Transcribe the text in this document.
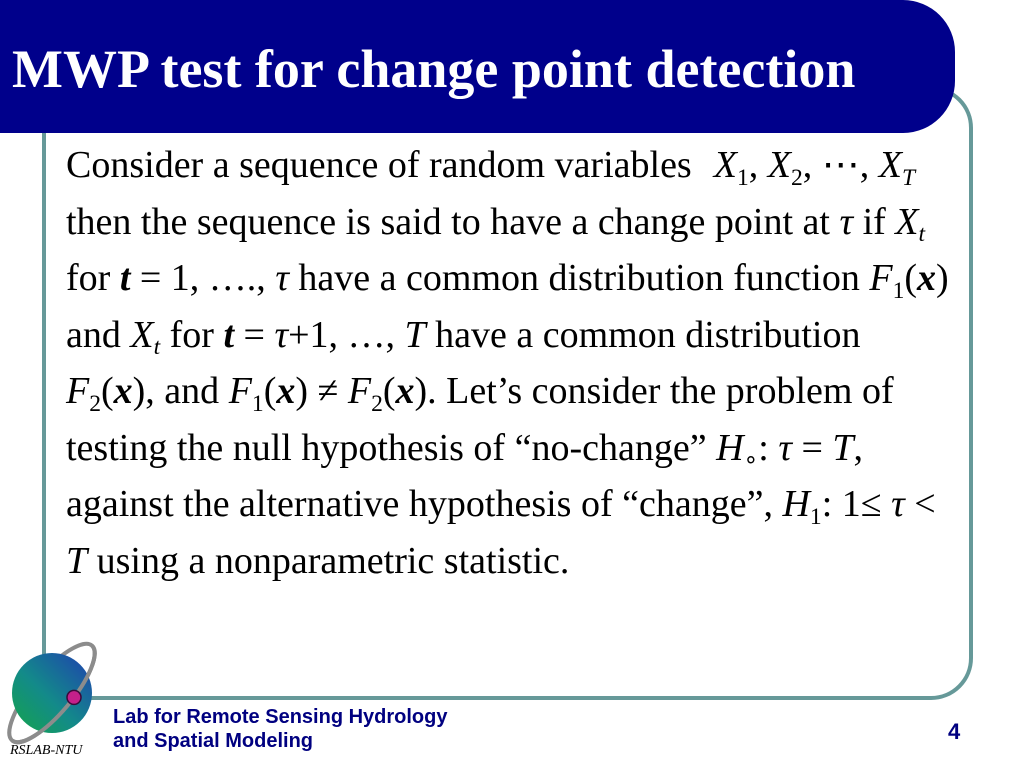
MWP test for change point detection
Consider a sequence of random variables X1, X2, ⋯, XT
then the sequence is said to have a change point at τ if Xt
for t = 1, …., τ have a common distribution function F1(x)
and Xt for t = τ+1, …, T have a common distribution
F2(x), and F1(x) ≠ F2(x). Let’s consider the problem of
testing the null hypothesis of “no-change” H∘: τ = T,
against the alternative hypothesis of “change”, H1: 1≤ τ <
T using a nonparametric statistic.
RSLAB-NTU
Lab for Remote Sensing Hydrology
and Spatial Modeling	4
